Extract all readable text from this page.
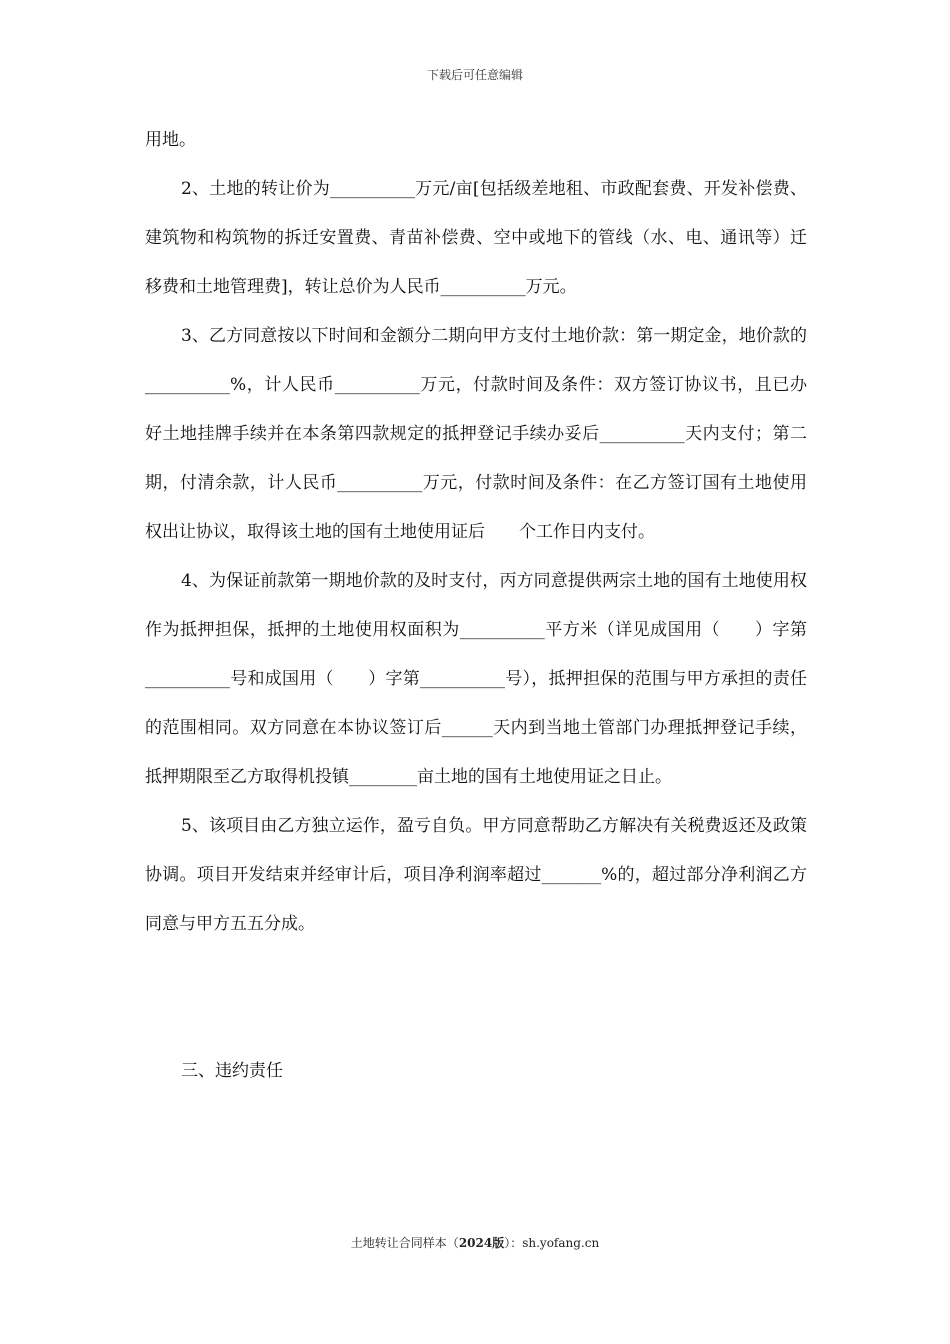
下载后可任意编辑

用地。

2、土地的转让价为__________万元/亩[包括级差地租、市政配套费、开发补偿费、建筑物和构筑物的拆迁安置费、青苗补偿费、空中或地下的管线（水、电、通讯等）迁移费和土地管理费]，转让总价为人民币__________万元。

3、乙方同意按以下时间和金额分二期向甲方支付土地价款：第一期定金，地价款的__________%，计人民币__________万元，付款时间及条件：双方签订协议书，且已办好土地挂牌手续并在本条第四款规定的抵押登记手续办妥后__________天内支付；第二期，付清余款，计人民币__________万元，付款时间及条件：在乙方签订国有土地使用权出让协议，取得该土地的国有土地使用证后　　个工作日内支付。

4、为保证前款第一期地价款的及时支付，丙方同意提供两宗土地的国有土地使用权作为抵押担保，抵押的土地使用权面积为__________平方米（详见成国用（　　）字第__________号和成国用（　　）字第__________号），抵押担保的范围与甲方承担的责任的范围相同。双方同意在本协议签订后______天内到当地土管部门办理抵押登记手续，抵押期限至乙方取得机投镇________亩土地的国有土地使用证之日止。

5、该项目由乙方独立运作，盈亏自负。甲方同意帮助乙方解决有关税费返还及政策协调。项目开发结束并经审计后，项目净利润率超过_______%的，超过部分净利润乙方同意与甲方五五分成。

三、违约责任

土地转让合同样本（2024版）：sh.yofang.cn
